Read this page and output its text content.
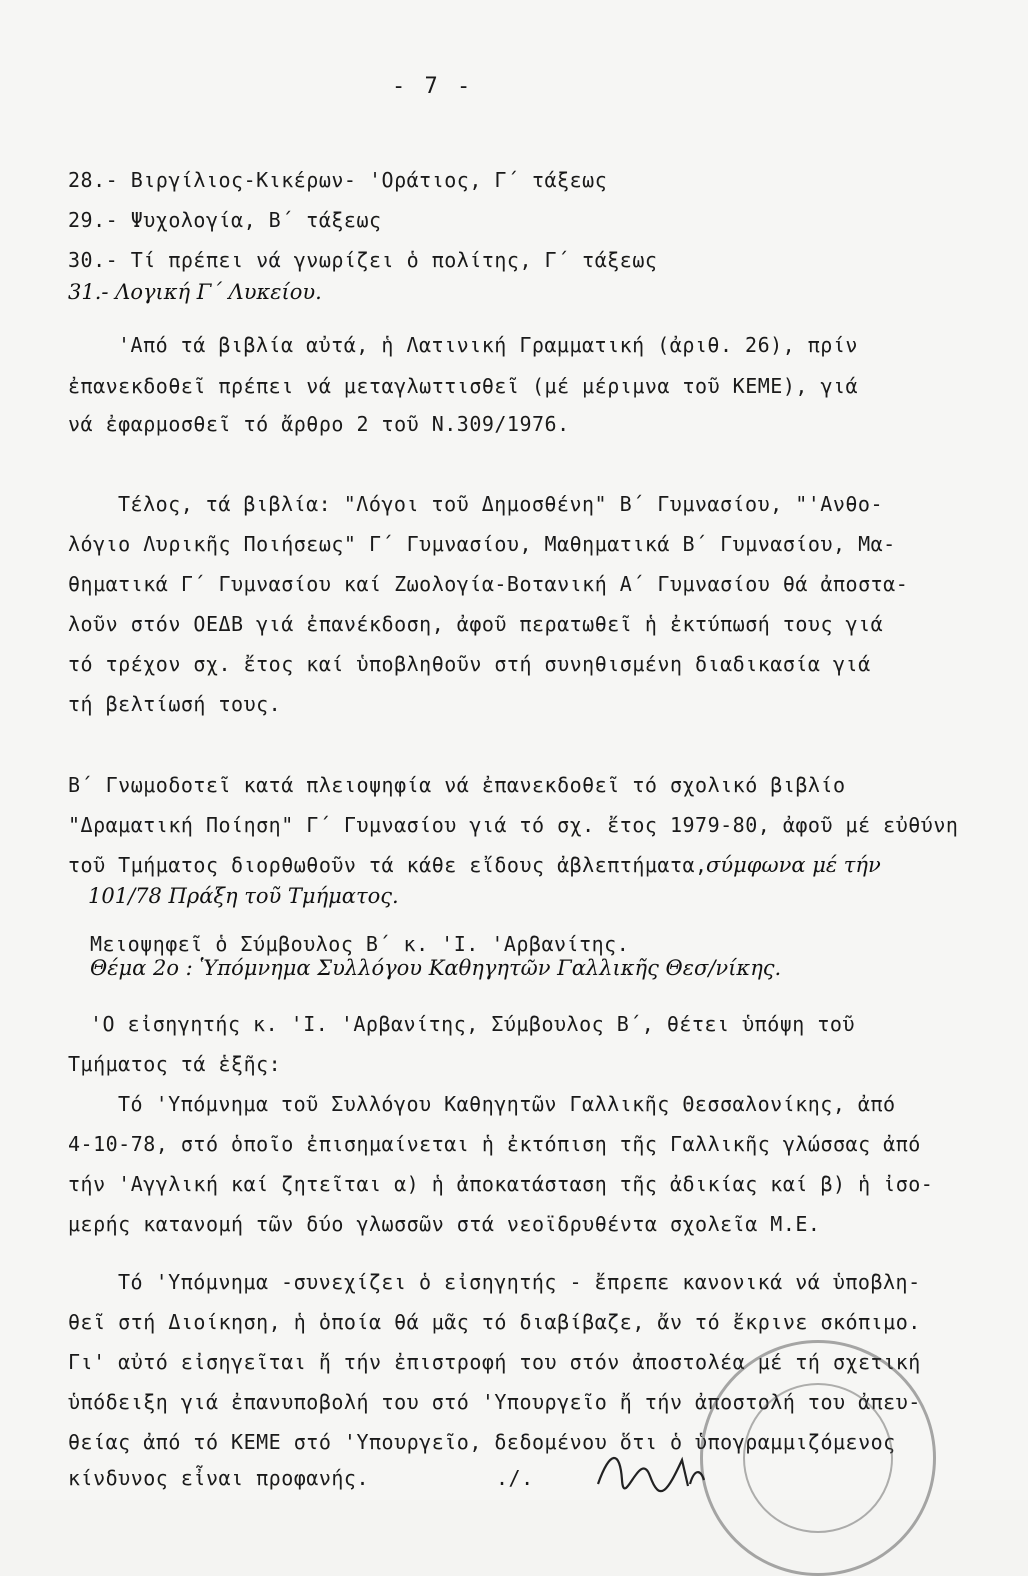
- 7 -
28.- Βιργίλιος-Κικέρων- 'Οράτιος, Γ΄ τάξεως
29.- Ψυχολογία, Β΄ τάξεως
30.- Τί πρέπει νά γνωρίζει ὁ πολίτης, Γ΄ τάξεως
31.- Λογική Γ΄ Λυκείου.
'Από τά βιβλία αὐτά, ἡ Λατινική Γραμματική (ἀριθ. 26), πρίν
ἐπανεκδοθεῖ πρέπει νά μεταγλωττισθεῖ (μέ μέριμνα τοῦ ΚΕΜΕ), γιά
νά ἐφαρμοσθεῖ τό ἄρθρο 2 τοῦ Ν.309/1976.
Τέλος, τά βιβλία: "Λόγοι τοῦ Δημοσθένη" Β΄ Γυμνασίου, "'Ανθο-
λόγιο Λυρικῆς Ποιήσεως" Γ΄ Γυμνασίου, Μαθηματικά Β΄ Γυμνασίου, Μα-
θηματικά Γ΄ Γυμνασίου καί Ζωολογία-Βοτανική Α΄ Γυμνασίου θά ἀποστα-
λοῦν στόν ΟΕΔΒ γιά ἐπανέκδοση, ἀφοῦ περατωθεῖ ἡ ἐκτύπωσή τους γιά
τό τρέχον σχ. ἔτος καί ὑποβληθοῦν στή συνηθισμένη διαδικασία γιά
τή βελτίωσή τους.
Β΄ Γνωμοδοτεῖ κατά πλειοψηφία νά ἐπανεκδοθεῖ τό σχολικό βιβλίο
"Δραματική Ποίηση" Γ΄ Γυμνασίου γιά τό σχ. ἔτος 1979-80, ἀφοῦ μέ εὐθύνη
τοῦ Τμήματος διορθωθοῦν τά κάθε εἴδους ἀβλεπτήματα,
σύμφωνα μέ τήν
101/78 Πράξη τοῦ Τμήματος.
Μειοψηφεῖ ὁ Σύμβουλος Β΄ κ. 'Ι. 'Αρβανίτης.
Θέμα 2ο : Ὑπόμνημα Συλλόγου Καθηγητῶν Γαλλικῆς Θεσ/νίκης.
'Ο εἰσηγητής κ. 'Ι. 'Αρβανίτης, Σύμβουλος Β΄, θέτει ὑπόψη τοῦ
Τμήματος τά ἑξῆς:
Τό 'Υπόμνημα τοῦ Συλλόγου Καθηγητῶν Γαλλικῆς Θεσσαλονίκης, ἀπό
4-10-78, στό ὁποῖο ἐπισημαίνεται ἡ ἐκτόπιση τῆς Γαλλικῆς γλώσσας ἀπό
τήν 'Αγγλική καί ζητεῖται α) ἡ ἀποκατάσταση τῆς ἀδικίας καί β) ἡ ἰσο-
μερής κατανομή τῶν δύο γλωσσῶν στά νεοϊδρυθέντα σχολεῖα Μ.Ε.
Τό 'Υπόμνημα -συνεχίζει ὁ εἰσηγητής - ἔπρεπε κανονικά νά ὑποβλη-
θεῖ στή Διοίκηση, ἡ ὁποία θά μᾶς τό διαβίβαζε, ἄν τό ἔκρινε σκόπιμο.
Γι' αὐτό εἰσηγεῖται ἤ τήν ἐπιστροφή του στόν ἀποστολέα μέ τή σχετική
ὑπόδειξη γιά ἐπανυποβολή του στό 'Υπουργεῖο ἤ τήν ἀποστολή του ἀπευ-
θείας ἀπό τό ΚΕΜΕ στό 'Υπουργεῖο, δεδομένου ὅτι ὁ ὑπογραμμιζόμενος
κίνδυνος εἶναι προφανής.	./.
